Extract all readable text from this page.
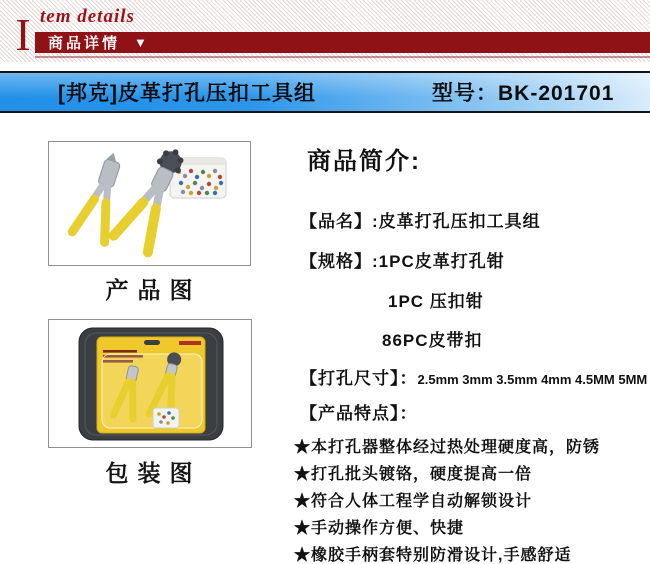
I tem details
商品详情 ▼
[邦克]皮革打孔压扣工具组	型号：BK-201701
产品图
包装图
商品简介:
【品名】:皮革打孔压扣工具组
【规格】:1PC皮革打孔钳
1PC 压扣钳
86PC皮带扣
【打孔尺寸】：2.5mm 3mm 3.5mm 4mm 4.5MM 5MM
【产品特点】：
★本打孔器整体经过热处理硬度高，防锈
★打孔批头镀铬，硬度提高一倍
★符合人体工程学自动解锁设计
★手动操作方便、快捷
★橡胶手柄套特别防滑设计,手感舒适
